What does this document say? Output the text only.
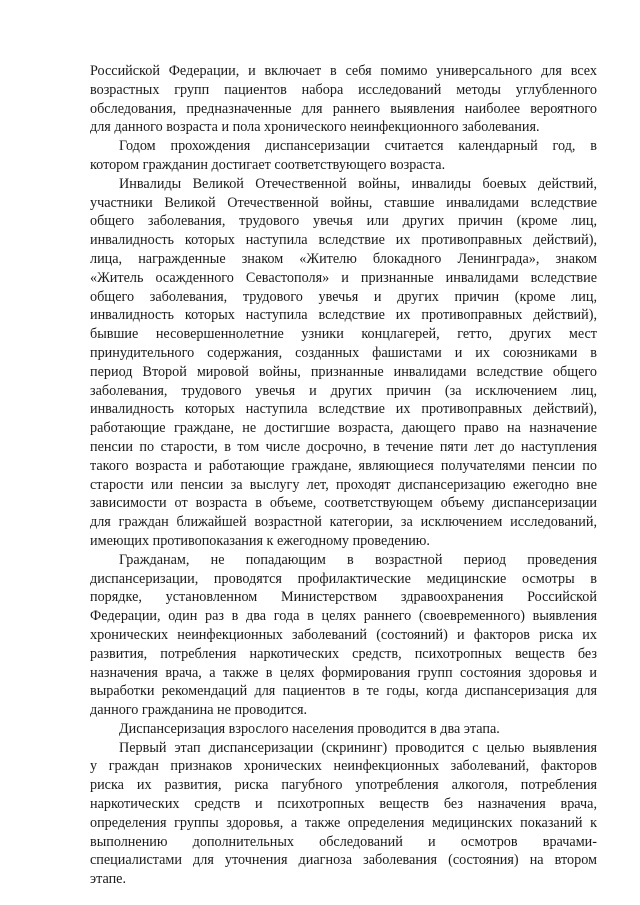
Российской Федерации, и включает в себя помимо универсального для всех
возрастных групп пациентов набора исследований методы углубленного
обследования, предназначенные для раннего выявления наиболее вероятного
для данного возраста и пола хронического неинфекционного заболевания.
Годом прохождения диспансеризации считается календарный год, в
котором гражданин достигает соответствующего возраста.
Инвалиды Великой Отечественной войны, инвалиды боевых действий,
участники Великой Отечественной войны, ставшие инвалидами вследствие
общего заболевания, трудового увечья или других причин (кроме лиц,
инвалидность которых наступила вследствие их противоправных действий),
лица, награжденные знаком «Жителю блокадного Ленинграда», знаком
«Житель осажденного Севастополя» и признанные инвалидами вследствие
общего заболевания, трудового увечья и других причин (кроме лиц,
инвалидность которых наступила вследствие их противоправных действий),
бывшие несовершеннолетние узники концлагерей, гетто, других мест
принудительного содержания, созданных фашистами и их союзниками в
период Второй мировой войны, признанные инвалидами вследствие общего
заболевания, трудового увечья и других причин (за исключением лиц,
инвалидность которых наступила вследствие их противоправных действий),
работающие граждане, не достигшие возраста, дающего право на назначение
пенсии по старости, в том числе досрочно, в течение пяти лет до наступления
такого возраста и работающие граждане, являющиеся получателями пенсии по
старости или пенсии за выслугу лет, проходят диспансеризацию ежегодно вне
зависимости от возраста в объеме, соответствующем объему диспансеризации
для граждан ближайшей возрастной категории, за исключением исследований,
имеющих противопоказания к ежегодному проведению.
Гражданам, не попадающим в возрастной период проведения
диспансеризации, проводятся профилактические медицинские осмотры в
порядке, установленном Министерством здравоохранения Российской
Федерации, один раз в два года в целях раннего (своевременного) выявления
хронических неинфекционных заболеваний (состояний) и факторов риска их
развития, потребления наркотических средств, психотропных веществ без
назначения врача, а также в целях формирования групп состояния здоровья и
выработки рекомендаций для пациентов в те годы, когда диспансеризация для
данного гражданина не проводится.
Диспансеризация взрослого населения проводится в два этапа.
Первый этап диспансеризации (скрининг) проводится с целью выявления
у граждан признаков хронических неинфекционных заболеваний, факторов
риска их развития, риска пагубного употребления алкоголя, потребления
наркотических средств и психотропных веществ без назначения врача,
определения группы здоровья, а также определения медицинских показаний к
выполнению дополнительных обследований и осмотров врачами-
специалистами для уточнения диагноза заболевания (состояния) на втором
этапе.
